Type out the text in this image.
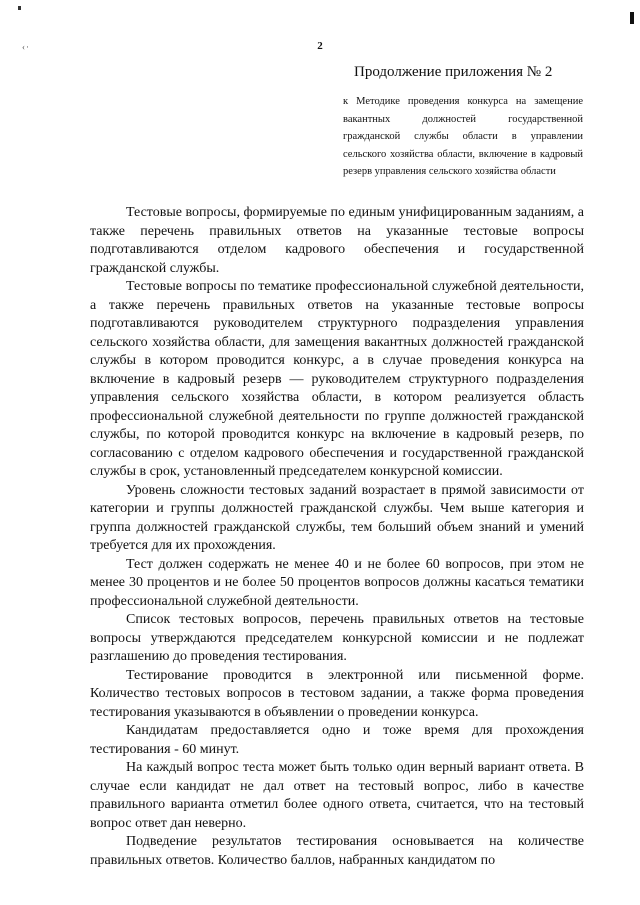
‹·	2
Продолжение приложения № 2
к Методике проведения конкурса на замещение вакантных должностей государственной гражданской службы области в управлении сельского хозяйства области, включение в кадровый резерв управления сельского хозяйства области

Тестовые вопросы, формируемые по единым унифицированным заданиям, а также перечень правильных ответов на указанные тестовые вопросы подготавливаются отделом кадрового обеспечения и государственной гражданской службы.

Тестовые вопросы по тематике профессиональной служебной деятельности, а также перечень правильных ответов на указанные тестовые вопросы подготавливаются руководителем структурного подразделения управления сельского хозяйства области, для замещения вакантных должностей гражданской службы в котором проводится конкурс, а в случае проведения конкурса на включение в кадровый резерв — руководителем структурного подразделения управления сельского хозяйства области, в котором реализуется область профессиональной служебной деятельности по группе должностей гражданской службы, по которой проводится конкурс на включение в кадровый резерв, по согласованию с отделом кадрового обеспечения и государственной гражданской службы в срок, установленный председателем конкурсной комиссии.

Уровень сложности тестовых заданий возрастает в прямой зависимости от категории и группы должностей гражданской службы. Чем выше категория и группа должностей гражданской службы, тем больший объем знаний и умений требуется для их прохождения.

Тест должен содержать не менее 40 и не более 60 вопросов, при этом не менее 30 процентов и не более 50 процентов вопросов должны касаться тематики профессиональной служебной деятельности.

Список тестовых вопросов, перечень правильных ответов на тестовые вопросы утверждаются председателем конкурсной комиссии и не подлежат разглашению до проведения тестирования.

Тестирование проводится в электронной или письменной форме. Количество тестовых вопросов в тестовом задании, а также форма проведения тестирования указываются в объявлении о проведении конкурса.

Кандидатам предоставляется одно и тоже время для прохождения тестирования - 60 минут.

На каждый вопрос теста может быть только один верный вариант ответа. В случае если кандидат не дал ответ на тестовый вопрос, либо в качестве правильного варианта отметил более одного ответа, считается, что на тестовый вопрос ответ дан неверно.

Подведение результатов тестирования основывается на количестве правильных ответов. Количество баллов, набранных кандидатом по
